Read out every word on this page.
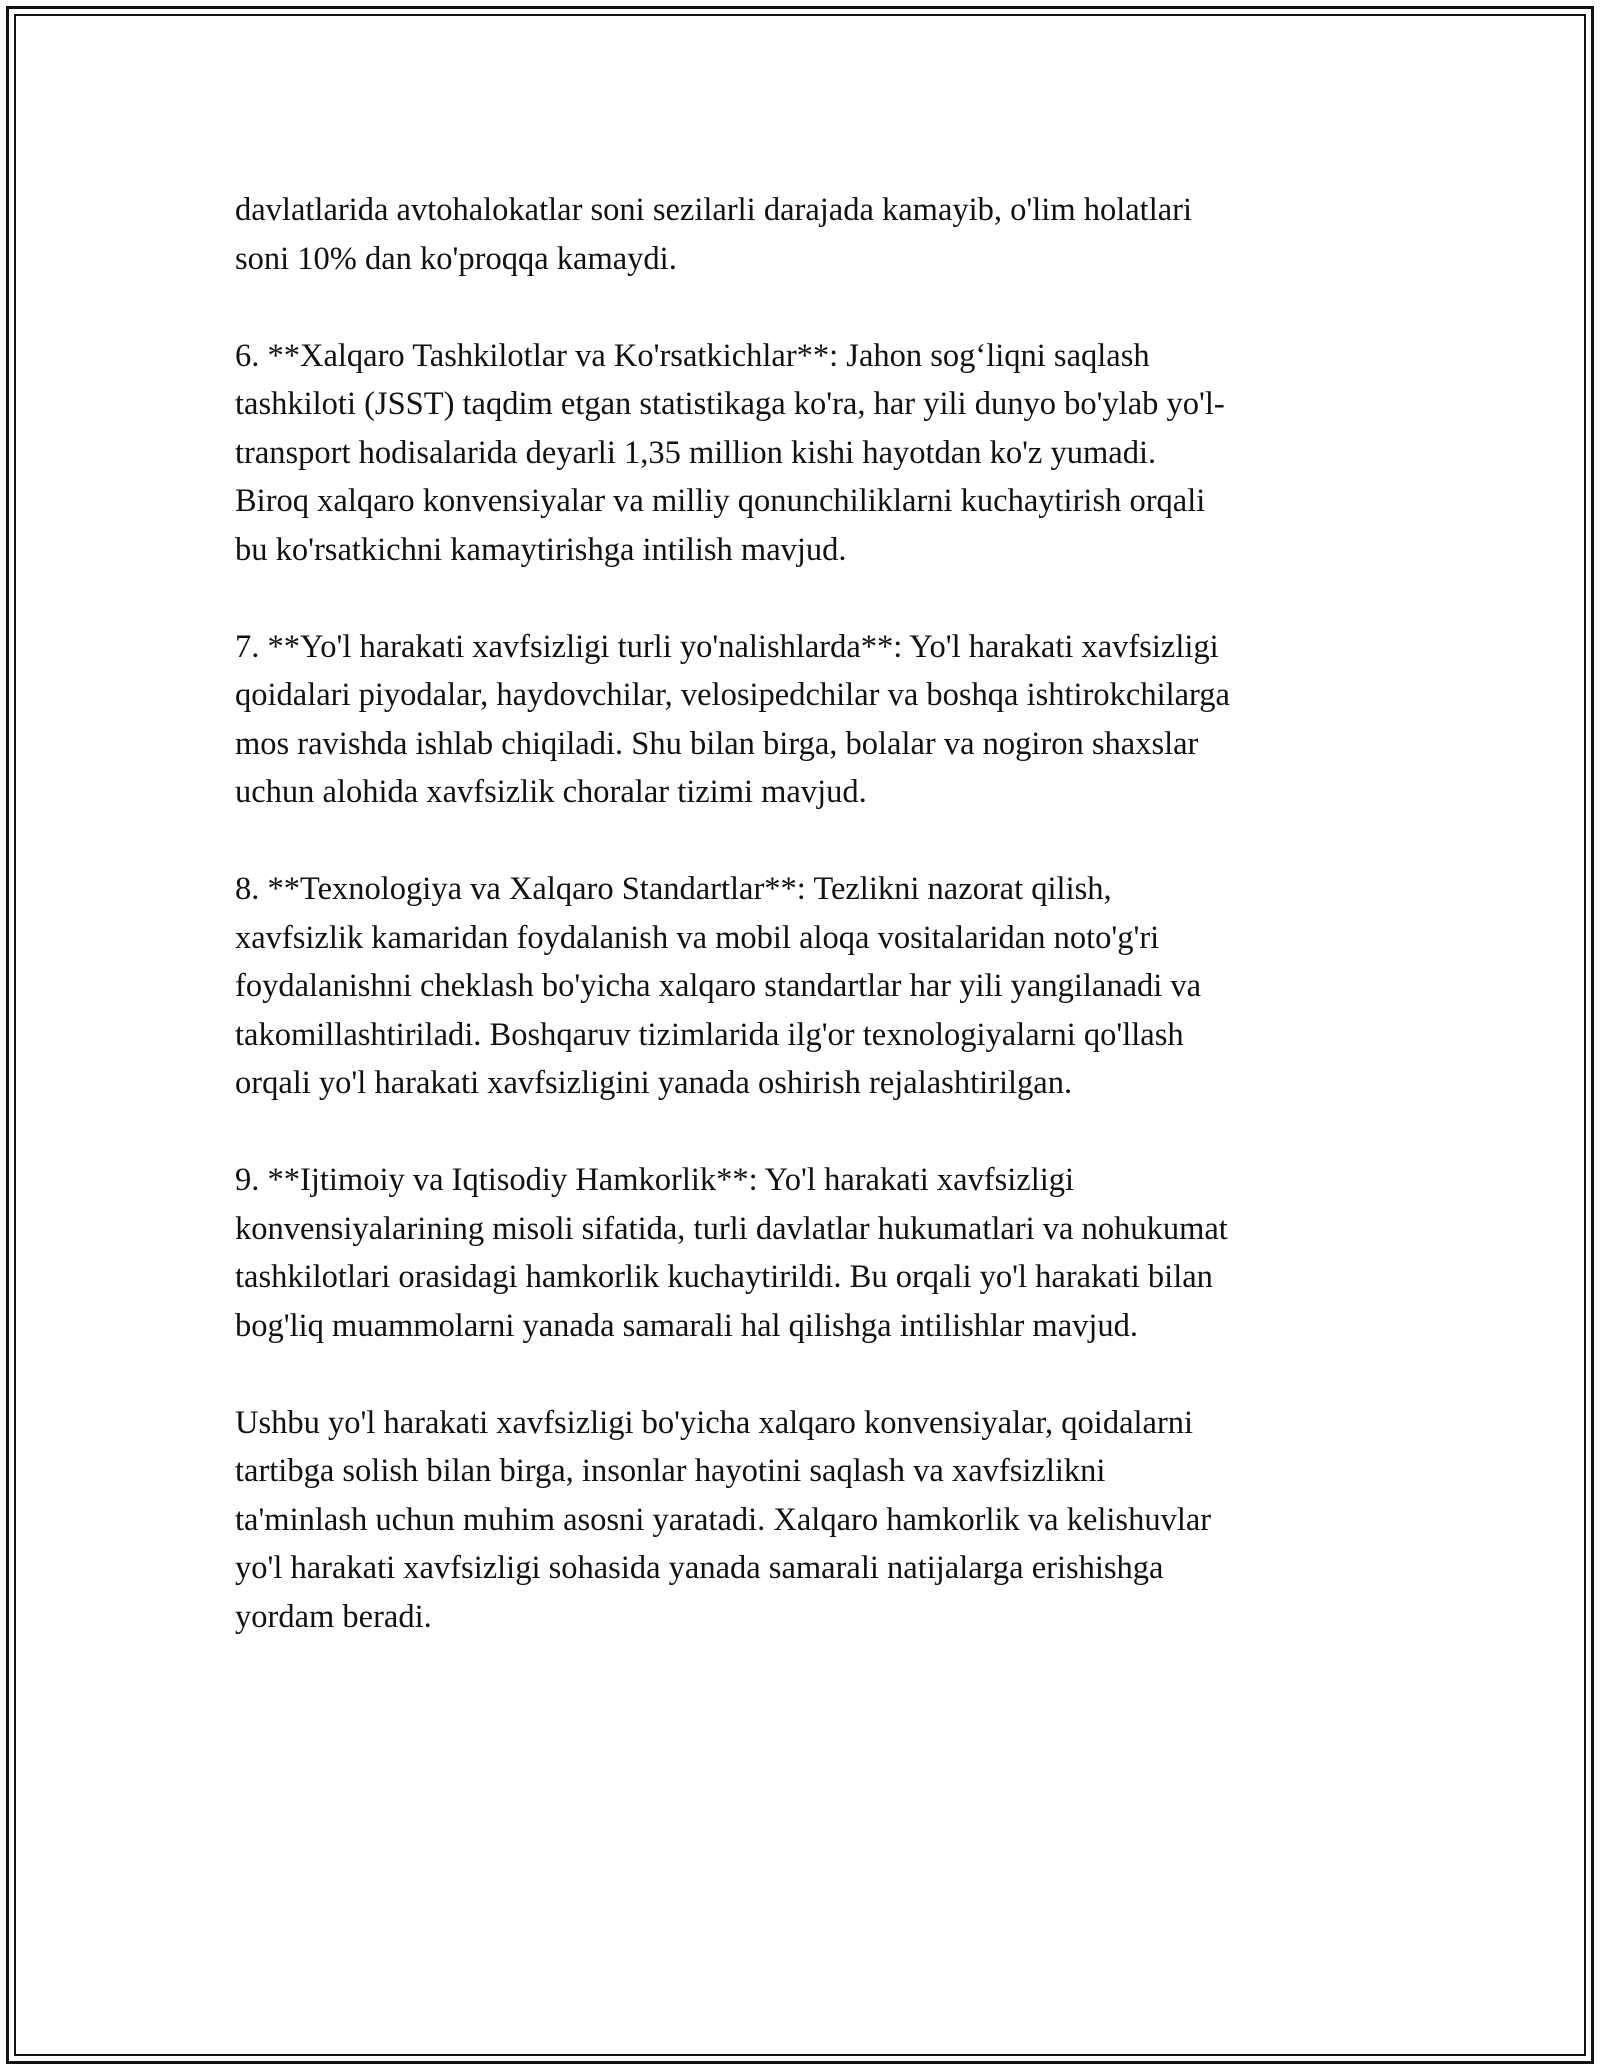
davlatlarida avtohalokatlar soni sezilarli darajada kamayib, o'lim holatlari
soni 10% dan ko'proqqa kamaydi.

6. **Xalqaro Tashkilotlar va Ko'rsatkichlar**: Jahon sog‘liqni saqlash
tashkiloti (JSST) taqdim etgan statistikaga ko'ra, har yili dunyo bo'ylab yo'l-
transport hodisalarida deyarli 1,35 million kishi hayotdan ko'z yumadi.
Biroq xalqaro konvensiyalar va milliy qonunchiliklarni kuchaytirish orqali
bu ko'rsatkichni kamaytirishga intilish mavjud.

7. **Yo'l harakati xavfsizligi turli yo'nalishlarda**: Yo'l harakati xavfsizligi
qoidalari piyodalar, haydovchilar, velosipedchilar va boshqa ishtirokchilarga
mos ravishda ishlab chiqiladi. Shu bilan birga, bolalar va nogiron shaxslar
uchun alohida xavfsizlik choralar tizimi mavjud.

8. **Texnologiya va Xalqaro Standartlar**: Tezlikni nazorat qilish,
xavfsizlik kamaridan foydalanish va mobil aloqa vositalaridan noto'g'ri
foydalanishni cheklash bo'yicha xalqaro standartlar har yili yangilanadi va
takomillashtiriladi. Boshqaruv tizimlarida ilg'or texnologiyalarni qo'llash
orqali yo'l harakati xavfsizligini yanada oshirish rejalashtirilgan.

9. **Ijtimoiy va Iqtisodiy Hamkorlik**: Yo'l harakati xavfsizligi
konvensiyalarining misoli sifatida, turli davlatlar hukumatlari va nohukumat
tashkilotlari orasidagi hamkorlik kuchaytirildi. Bu orqali yo'l harakati bilan
bog'liq muammolarni yanada samarali hal qilishga intilishlar mavjud.

Ushbu yo'l harakati xavfsizligi bo'yicha xalqaro konvensiyalar, qoidalarni
tartibga solish bilan birga, insonlar hayotini saqlash va xavfsizlikni
ta'minlash uchun muhim asosni yaratadi. Xalqaro hamkorlik va kelishuvlar
yo'l harakati xavfsizligi sohasida yanada samarali natijalarga erishishga
yordam beradi.
